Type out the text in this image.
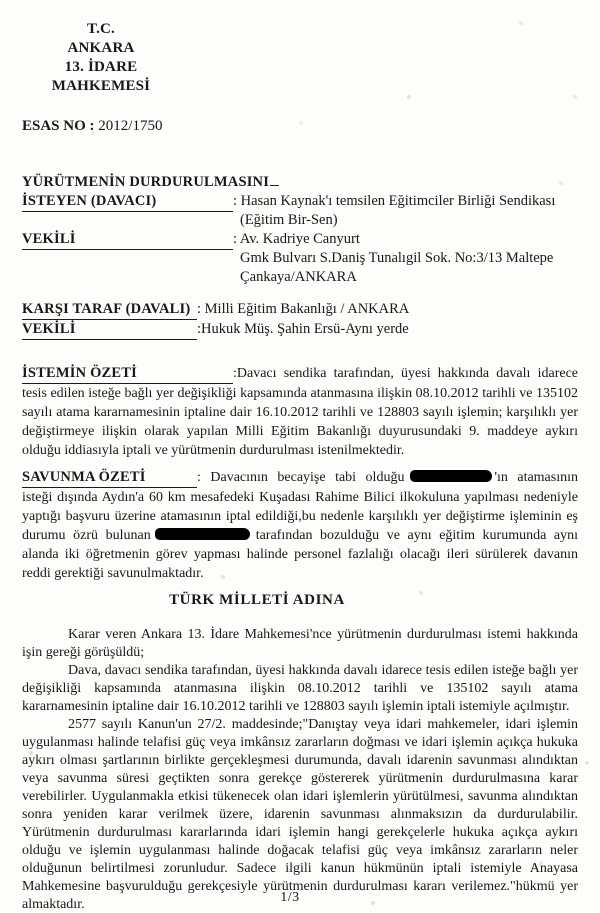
T.C.
ANKARA
13. İDARE MAHKEMESİ
ESAS NO : 2012/1750
YÜRÜTMENİN DURDURULMASINI
İSTEYEN (DAVACI)	: Hasan Kaynak'ı temsilen Eğitimciler Birliği Sendikası
(Eğitim Bir-Sen)
VEKİLİ	: Av. Kadriye Canyurt
Gmk Bulvarı S.Daniş Tunalıgil Sok. No:3/13 Maltepe
Çankaya/ANKARA
KARŞI TARAF (DAVALI) : Milli Eğitim Bakanlığı / ANKARA
VEKİLİ	:Hukuk Müş. Şahin Ersü-Aynı yerde
İSTEMİN ÖZETİ	:Davacı sendika tarafından, üyesi hakkında davalı idarece tesis edilen isteğe bağlı yer değişikliği kapsamında atanmasına ilişkin 08.10.2012 tarihli ve 135102 sayılı atama kararnamesinin iptaline dair 16.10.2012 tarihli ve 128803 sayılı işlemin; karşılıklı yer değiştirmeye ilişkin olarak yapılan Milli Eğitim Bakanlığı duyurusundaki 9. maddeye aykırı olduğu iddiasıyla iptali ve yürütmenin durdurulması istenilmektedir.
SAVUNMA ÖZETİ	: Davacının becayişe tabi olduğu	'ın atamasının isteği dışında Aydın'a 60 km mesafedeki Kuşadası Rahime Bilici ilkokuluna yapılması nedeniyle yaptığı başvuru üzerine atamasının iptal edildiği,bu nedenle karşılıklı yer değiştirme işleminin eş durumu özrü bulunan	tarafından bozulduğu ve aynı eğitim kurumunda aynı alanda iki öğretmenin görev yapması halinde personel fazlalığı olacağı ileri sürülerek davanın reddi gerektiği savunulmaktadır.
TÜRK MİLLETİ ADINA

Karar veren Ankara 13. İdare Mahkemesi'nce yürütmenin durdurulması istemi hakkında işin gereği görüşüldü;

Dava, davacı sendika tarafından, üyesi hakkında davalı idarece tesis edilen isteğe bağlı yer değişikliği kapsamında atanmasına ilişkin 08.10.2012 tarihli ve 135102 sayılı atama kararnamesinin iptaline dair 16.10.2012 tarihli ve 128803 sayılı işlemin iptali istemiyle açılmıştır.

2577 sayılı Kanun'un 27/2. maddesinde;"Danıştay veya idari mahkemeler, idari işlemin uygulanması halinde telafisi güç veya imkânsız zararların doğması ve idari işlemin açıkça hukuka aykırı olması şartlarının birlikte gerçekleşmesi durumunda, davalı idarenin savunması alındıktan veya savunma süresi geçtikten sonra gerekçe göstererek yürütmenin durdurulmasına karar verebilirler. Uygulanmakla etkisi tükenecek olan idari işlemlerin yürütülmesi, savunma alındıktan sonra yeniden karar verilmek üzere, idarenin savunması alınmaksızın da durdurulabilir. Yürütmenin durdurulması kararlarında idari işlemin hangi gerekçelerle hukuka açıkça aykırı olduğu ve işlemin uygulanması halinde doğacak telafisi güç veya imkânsız zararların neler olduğunun belirtilmesi zorunludur. Sadece ilgili kanun hükmünün iptali istemiyle Anayasa Mahkemesine başvurulduğu gerekçesiyle yürütmenin durdurulması kararı verilemez."hükmü yer almaktadır.	1/3
